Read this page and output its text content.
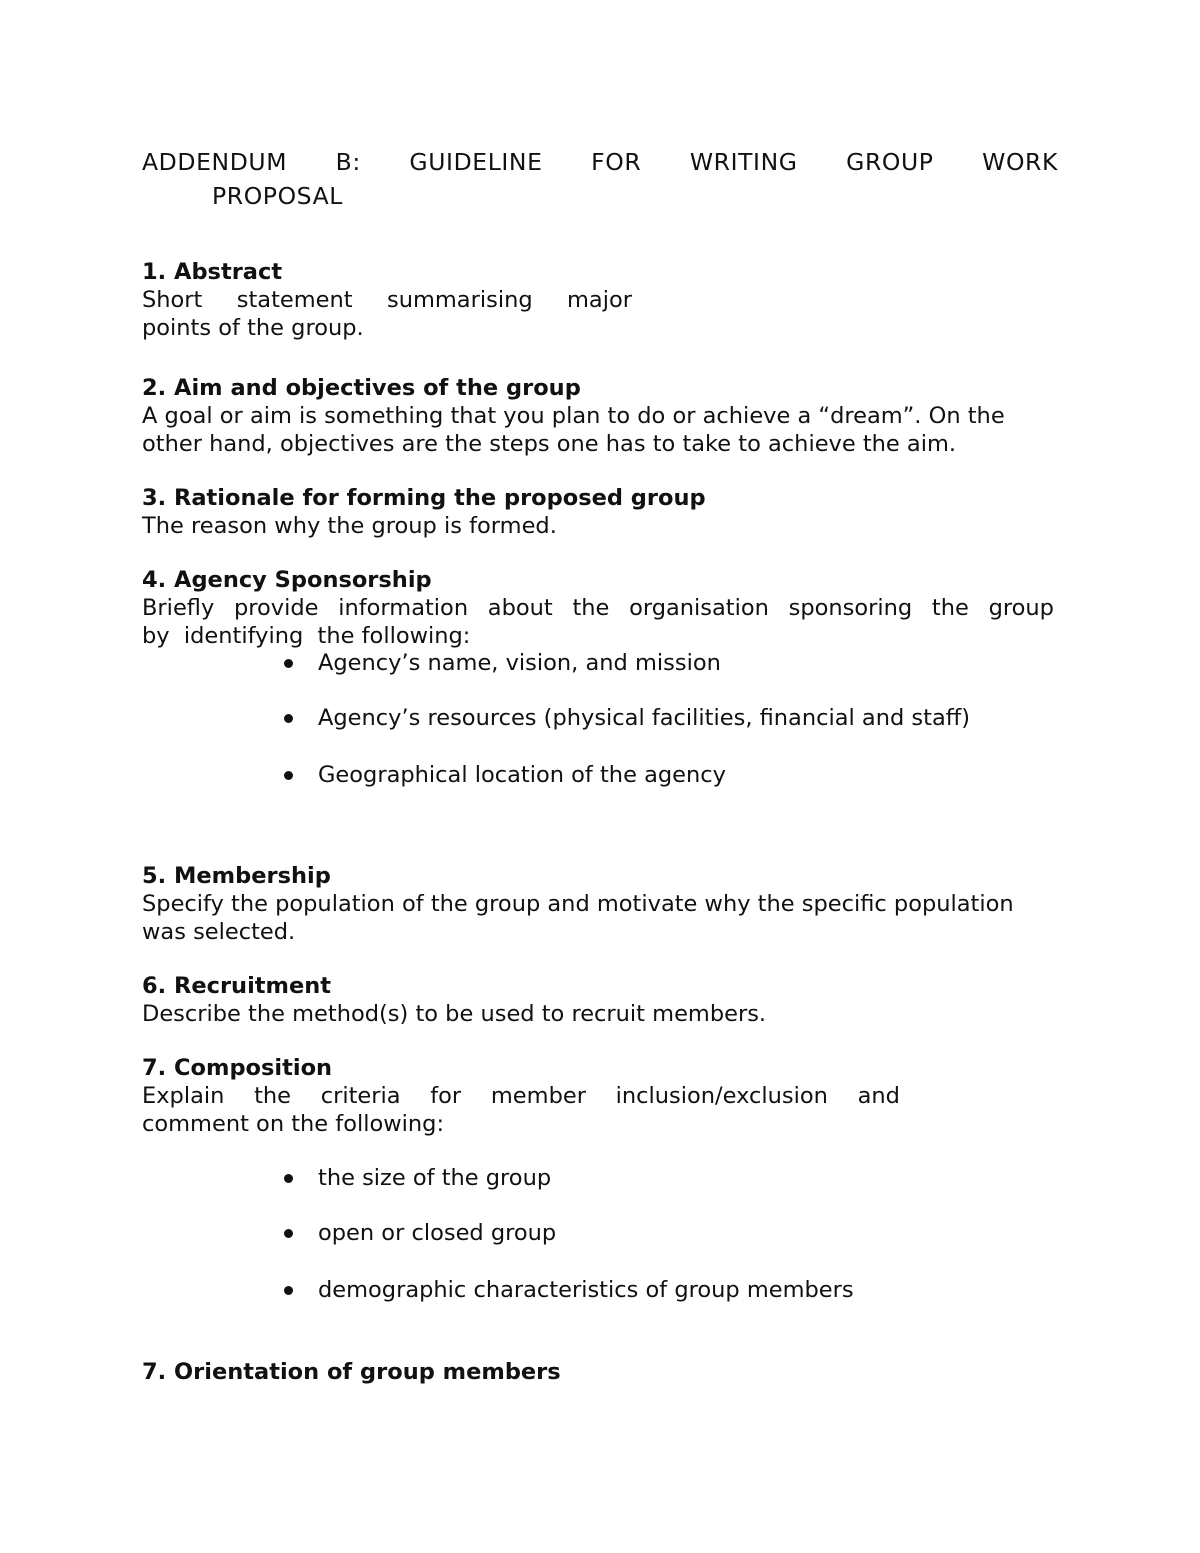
ADDENDUM B: GUIDELINE FOR WRITING GROUP WORK
PROPOSAL
1. Abstract
Short statement summarising major
points of the group.
2. Aim and objectives of the group
A goal or aim is something that you plan to do or achieve a “dream”. On the
other hand, objectives are the steps one has to take to achieve the aim.
3. Rationale for forming the proposed group
The reason why the group is formed.
4. Agency Sponsorship
Briefly provide information about the organisation sponsoring the group
by  identifying  the following:
Agency’s name, vision, and mission
Agency’s resources (physical facilities, financial and staff)
Geographical location of the agency
5. Membership
Specify the population of the group and motivate why the specific population
was selected.
6. Recruitment
Describe the method(s) to be used to recruit members.
7. Composition
Explain the criteria for member inclusion/exclusion and
comment on the following:
the size of the group
open or closed group
demographic characteristics of group members
7. Orientation of group members
